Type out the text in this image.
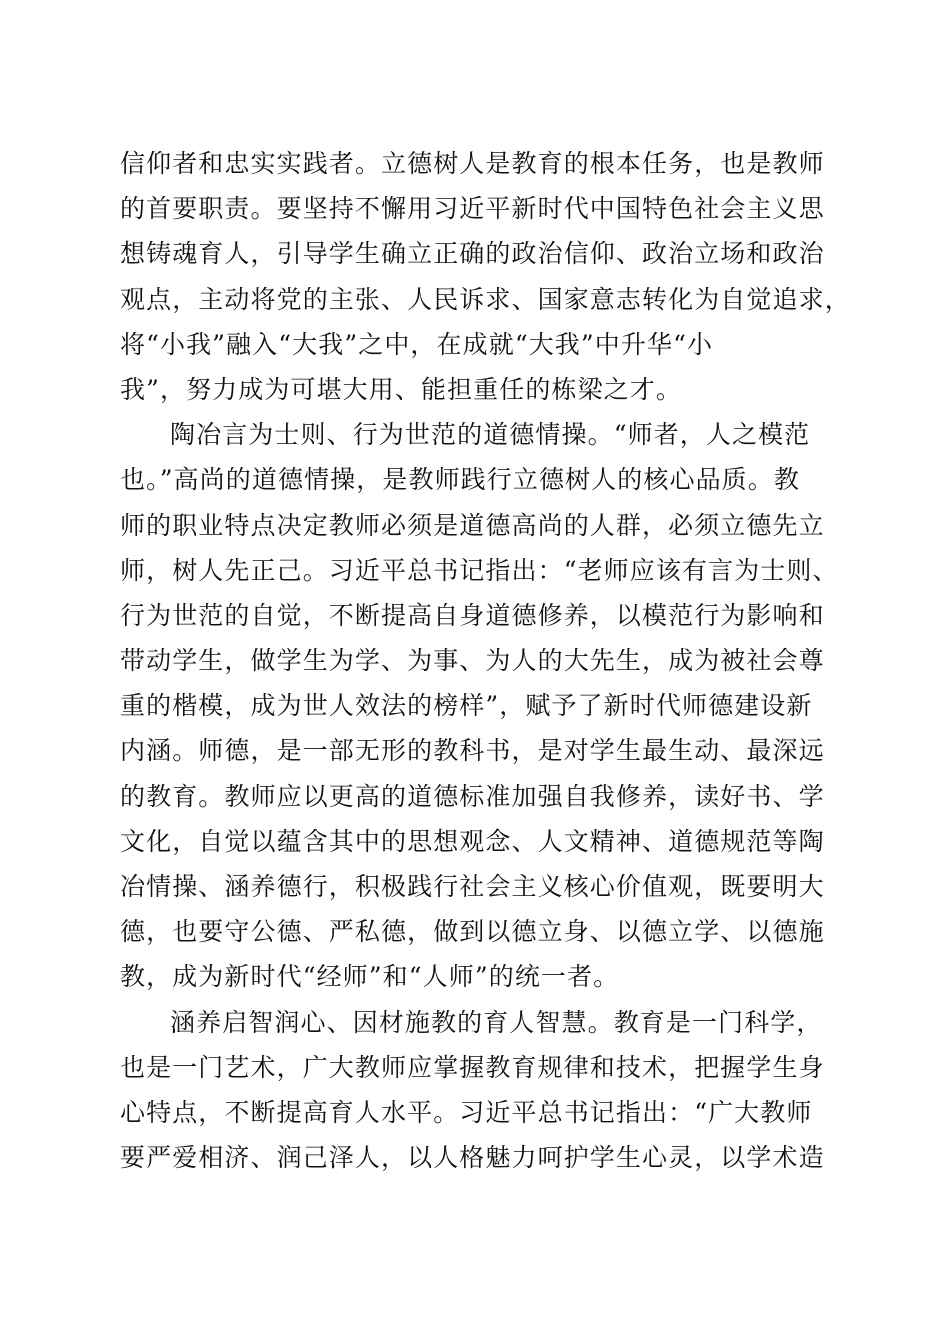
信仰者和忠实实践者。立德树人是教育的根本任务，也是教师
的首要职责。要坚持不懈用习近平新时代中国特色社会主义思
想铸魂育人，引导学生确立正确的政治信仰、政治立场和政治
观点，主动将党的主张、人民诉求、国家意志转化为自觉追求，
将“小我”融入“大我”之中，在成就“大我”中升华“小
我”，努力成为可堪大用、能担重任的栋梁之才。
陶冶言为士则、行为世范的道德情操。“师者，人之模范
也。”高尚的道德情操，是教师践行立德树人的核心品质。教
师的职业特点决定教师必须是道德高尚的人群，必须立德先立
师，树人先正己。习近平总书记指出：“老师应该有言为士则、
行为世范的自觉，不断提高自身道德修养，以模范行为影响和
带动学生，做学生为学、为事、为人的大先生，成为被社会尊
重的楷模，成为世人效法的榜样”，赋予了新时代师德建设新
内涵。师德，是一部无形的教科书，是对学生最生动、最深远
的教育。教师应以更高的道德标准加强自我修养，读好书、学
文化，自觉以蕴含其中的思想观念、人文精神、道德规范等陶
冶情操、涵养德行，积极践行社会主义核心价值观，既要明大
德，也要守公德、严私德，做到以德立身、以德立学、以德施
教，成为新时代“经师”和“人师”的统一者。
涵养启智润心、因材施教的育人智慧。教育是一门科学，
也是一门艺术，广大教师应掌握教育规律和技术，把握学生身
心特点，不断提高育人水平。习近平总书记指出：“广大教师
要严爱相济、润己泽人，以人格魅力呵护学生心灵，以学术造
